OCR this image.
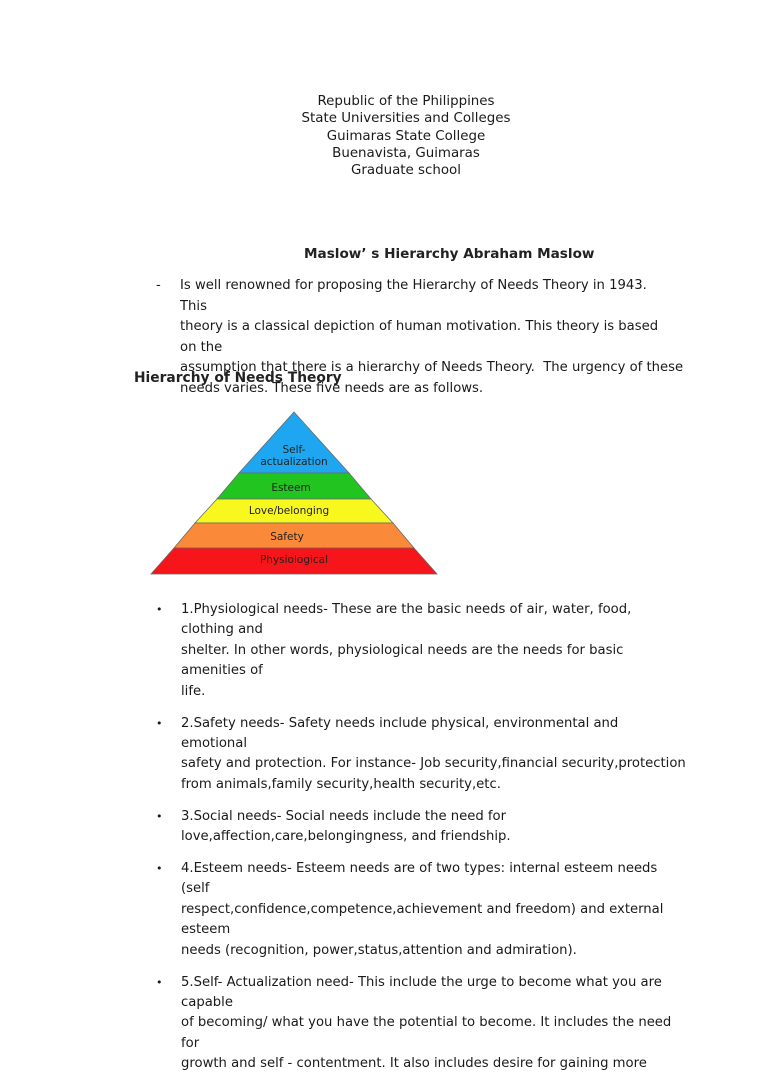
Republic of the Philippines
State Universities and Colleges
Guimaras State College
Buenavista, Guimaras
Graduate school
Maslow’ s Hierarchy Abraham Maslow
- Is well renowned for proposing the Hierarchy of Needs Theory in 1943. This
theory is a classical depiction of human motivation. This theory is based on the
assumption that there is a hierarchy of Needs Theory.  The urgency of these
needs varies. These five needs are as follows.
Hierarchy of Needs Theory
Self-
actualization
Esteem
Love/belonging
Safety
Physiological
• 1.Physiological needs- These are the basic needs of air, water, food, clothing and
shelter. In other words, physiological needs are the needs for basic amenities of
life.
• 2.Safety needs- Safety needs include physical, environmental and emotional
safety and protection. For instance- Job security,financial security,protection
from animals,family security,health security,etc.
• 3.Social needs- Social needs include the need for
love,affection,care,belongingness, and friendship.
• 4.Esteem needs- Esteem needs are of two types: internal esteem needs (self
respect,confidence,competence,achievement and freedom) and external esteem
needs (recognition, power,status,attention and admiration).
• 5.Self- Actualization need- This include the urge to become what you are capable
of becoming/ what you have the potential to become. It includes the need for
growth and self - contentment. It also includes desire for gaining more
